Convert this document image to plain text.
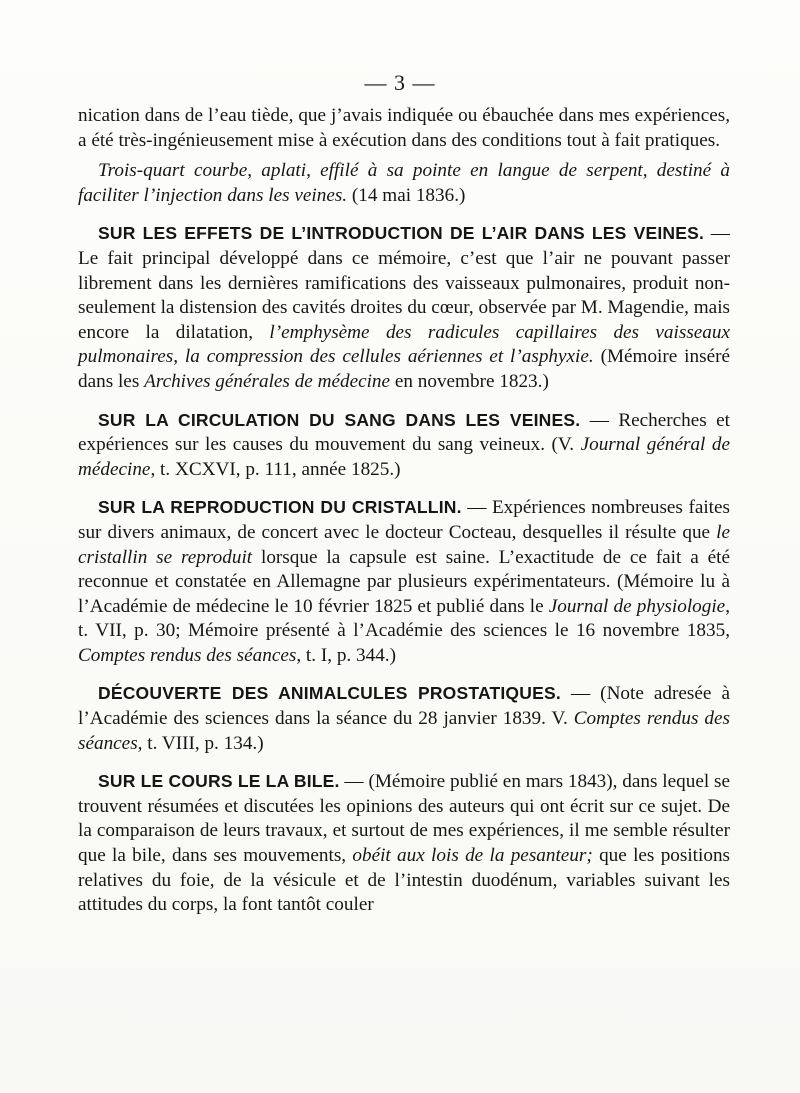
— 3 —

nication dans de l’eau tiède, que j’avais indiquée ou ébauchée dans mes expériences, a été très-ingénieusement mise à exécution dans des conditions tout à fait pratiques.

Trois-quart courbe, aplati, effilé à sa pointe en langue de serpent, destiné à faciliter l’injection dans les veines. (14 mai 1836.)

SUR LES EFFETS DE L’INTRODUCTION DE L’AIR DANS LES VEINES. — Le fait principal développé dans ce mémoire, c’est que l’air ne pouvant passer librement dans les dernières ramifications des vaisseaux pulmonaires, produit non-seulement la distension des cavités droites du cœur, observée par M. Magendie, mais encore la dilatation, l’emphysème des radicules capillaires des vaisseaux pulmonaires, la compression des cellules aériennes et l’asphyxie. (Mémoire inséré dans les Archives générales de médecine en novembre 1823.)

SUR LA CIRCULATION DU SANG DANS LES VEINES. — Recherches et expériences sur les causes du mouvement du sang veineux. (V. Journal général de médecine, t. XCXVI, p. 111, année 1825.)

SUR LA REPRODUCTION DU CRISTALLIN. — Expériences nombreuses faites sur divers animaux, de concert avec le docteur Cocteau, desquelles il résulte que le cristallin se reproduit lorsque la capsule est saine. L’exactitude de ce fait a été reconnue et constatée en Allemagne par plusieurs expérimentateurs. (Mémoire lu à l’Académie de médecine le 10 février 1825 et publié dans le Journal de physiologie, t. VII, p. 30; Mémoire présenté à l’Académie des sciences le 16 novembre 1835, Comptes rendus des séances, t. I, p. 344.)

DÉCOUVERTE DES ANIMALCULES PROSTATIQUES. — (Note adresée à l’Académie des sciences dans la séance du 28 janvier 1839. V. Comptes rendus des séances, t. VIII, p. 134.)

SUR LE COURS LE LA BILE. — (Mémoire publié en mars 1843), dans lequel se trouvent résumées et discutées les opinions des auteurs qui ont écrit sur ce sujet. De la comparaison de leurs travaux, et surtout de mes expériences, il me semble résulter que la bile, dans ses mouvements, obéit aux lois de la pesanteur; que les positions relatives du foie, de la vésicule et de l’intestin duodénum, variables suivant les attitudes du corps, la font tantôt couler
